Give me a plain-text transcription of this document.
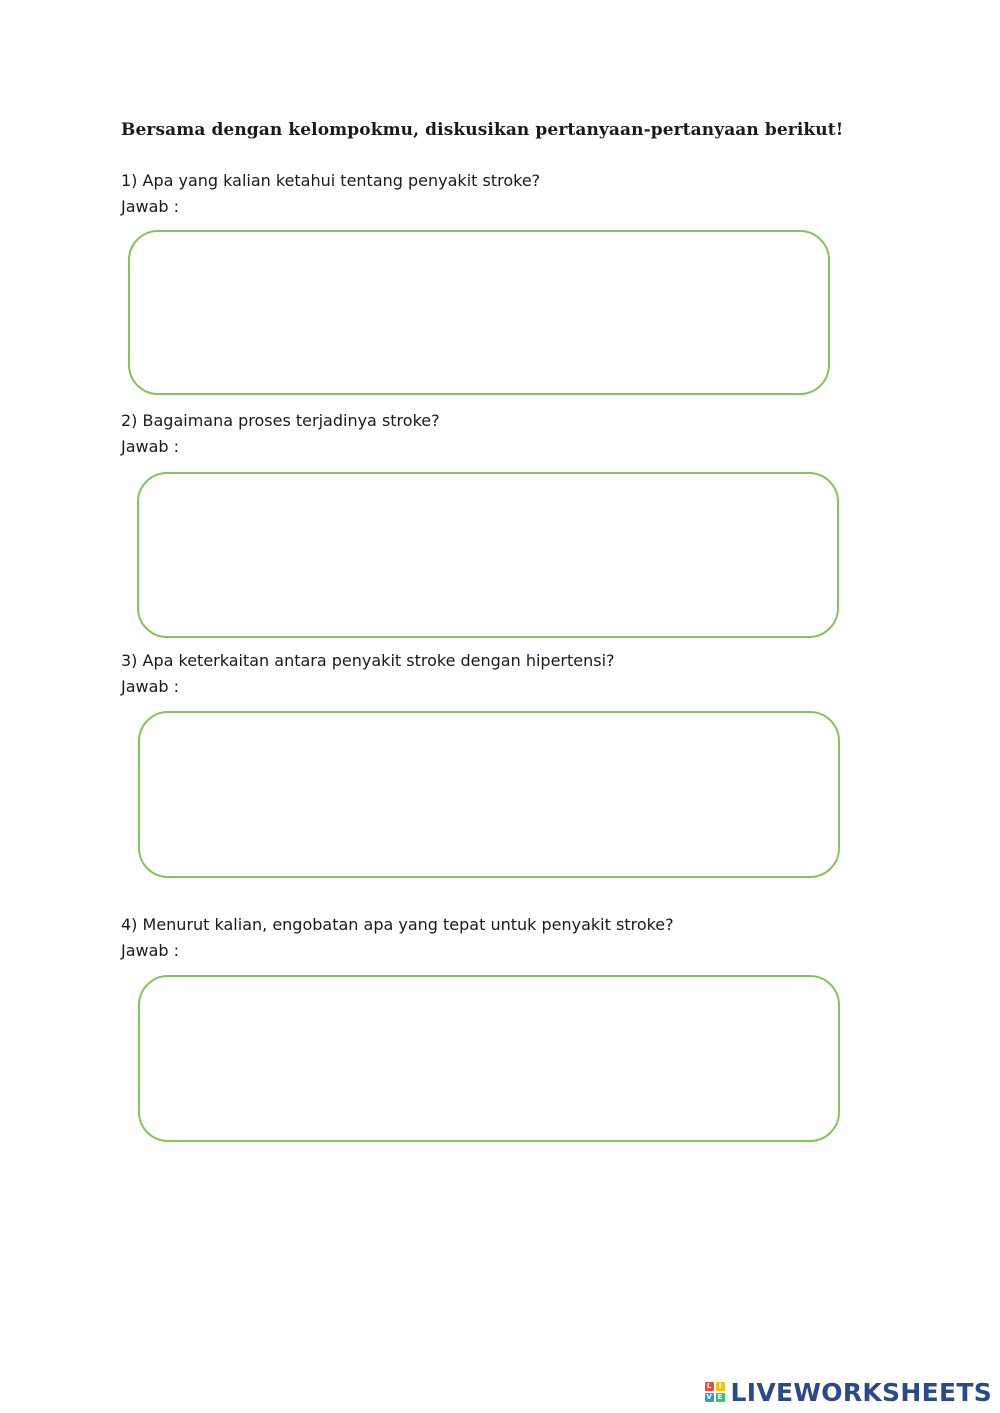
Bersama dengan kelompokmu, diskusikan pertanyaan-pertanyaan berikut!
1) Apa yang kalian ketahui tentang penyakit stroke?
Jawab :
2) Bagaimana proses terjadinya stroke?
Jawab :
3) Apa keterkaitan antara penyakit stroke dengan hipertensi?
Jawab :
4) Menurut kalian, engobatan apa yang tepat untuk penyakit stroke?
Jawab :
L	I
V E LIVEWORKSHEETS
